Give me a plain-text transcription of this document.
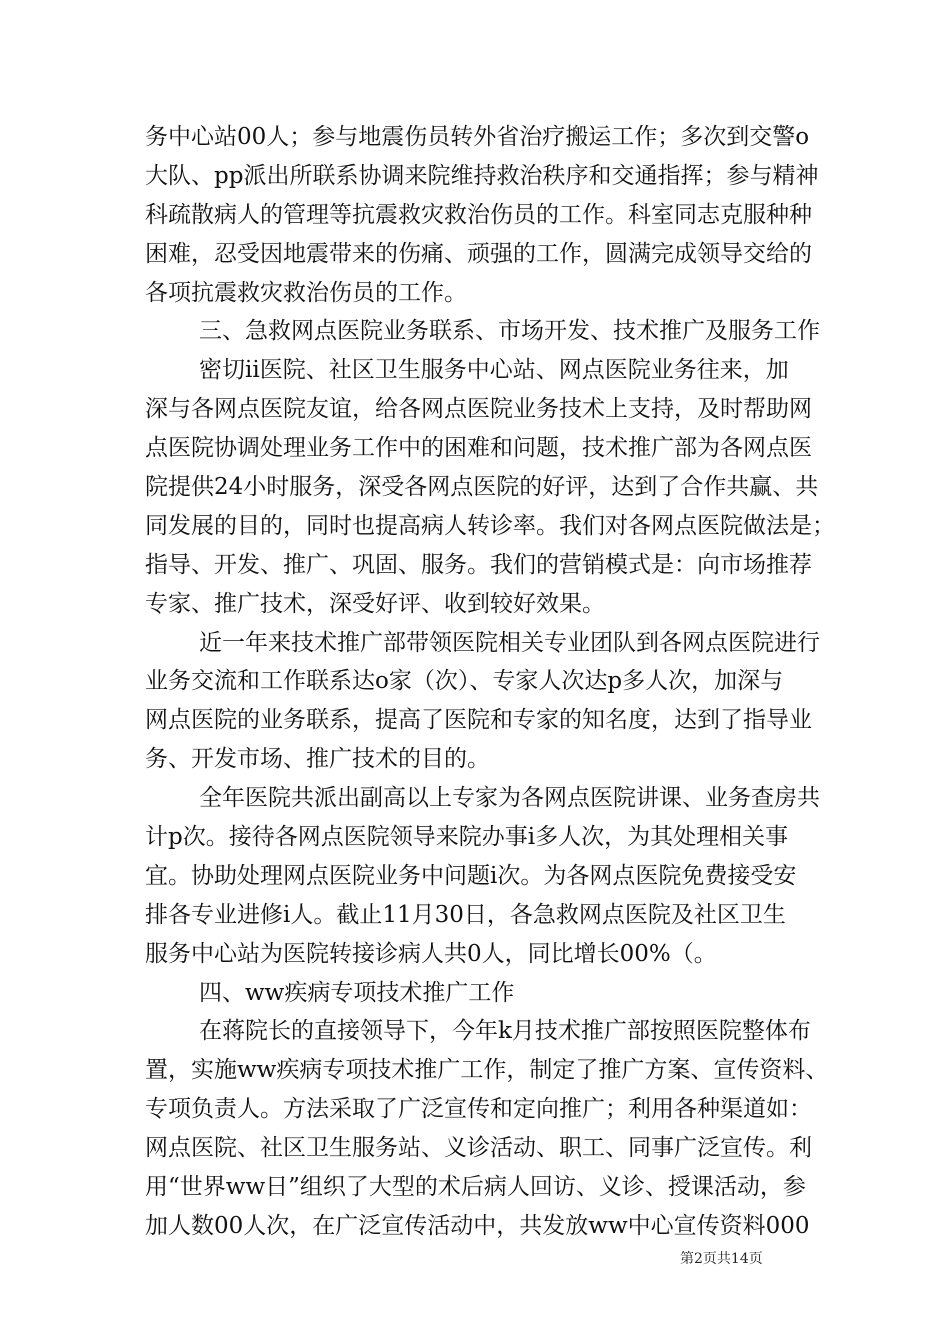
务中心站00人；参与地震伤员转外省治疗搬运工作；多次到交警o
大队、pp派出所联系协调来院维持救治秩序和交通指挥；参与精神
科疏散病人的管理等抗震救灾救治伤员的工作。科室同志克服种种
困难，忍受因地震带来的伤痛、顽强的工作，圆满完成领导交给的
各项抗震救灾救治伤员的工作。
三、急救网点医院业务联系、市场开发、技术推广及服务工作
密切ii医院、社区卫生服务中心站、网点医院业务往来，加
深与各网点医院友谊，给各网点医院业务技术上支持，及时帮助网
点医院协调处理业务工作中的困难和问题，技术推广部为各网点医
院提供24小时服务，深受各网点医院的好评，达到了合作共赢、共
同发展的目的，同时也提高病人转诊率。我们对各网点医院做法是；
指导、开发、推广、巩固、服务。我们的营销模式是：向市场推荐
专家、推广技术，深受好评、收到较好效果。
近一年来技术推广部带领医院相关专业团队到各网点医院进行
业务交流和工作联系达o家（次）、专家人次达p多人次，加深与
网点医院的业务联系，提高了医院和专家的知名度，达到了指导业
务、开发市场、推广技术的目的。
全年医院共派出副高以上专家为各网点医院讲课、业务查房共
计p次。接待各网点医院领导来院办事i多人次，为其处理相关事
宜。协助处理网点医院业务中问题i次。为各网点医院免费接受安
排各专业进修i人。截止11月30日，各急救网点医院及社区卫生
服务中心站为医院转接诊病人共0人，同比增长00%（。
四、ww疾病专项技术推广工作
在蒋院长的直接领导下，今年k月技术推广部按照医院整体布
置，实施ww疾病专项技术推广工作，制定了推广方案、宣传资料、
专项负责人。方法采取了广泛宣传和定向推广；利用各种渠道如：
网点医院、社区卫生服务站、义诊活动、职工、同事广泛宣传。利
用“世界ww日”组织了大型的术后病人回访、义诊、授课活动，参
加人数00人次，在广泛宣传活动中，共发放ww中心宣传资料000
第2页共14页
